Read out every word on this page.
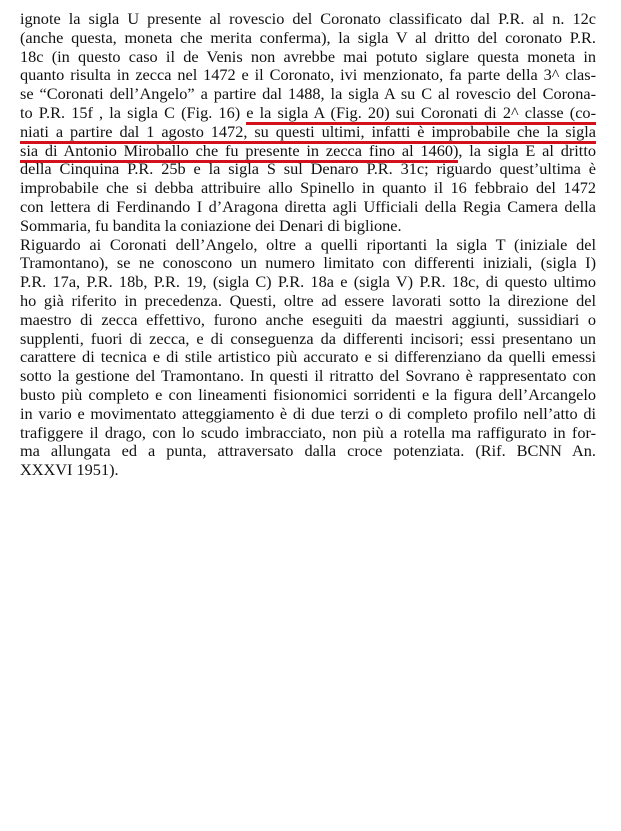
ignote la sigla U presente al rovescio del Coronato classificato dal P.R. al n. 12c
(anche questa, moneta che merita conferma), la sigla V al dritto del coronato P.R.
18c (in questo caso il de Venis non avrebbe mai potuto siglare questa moneta in
quanto risulta in zecca nel 1472 e il Coronato, ivi menzionato, fa parte della 3^ clas-
se “Coronati dell’Angelo” a partire dal 1488, la sigla A su C al rovescio del Corona-
to P.R. 15f , la sigla C (Fig. 16) e la sigla A (Fig. 20) sui Coronati di 2^ classe (co-
niati a partire dal 1 agosto 1472, su questi ultimi, infatti è improbabile che la sigla
sia di Antonio Miroballo che fu presente in zecca fino al 1460), la sigla E al dritto
della Cinquina P.R. 25b e la sigla S sul Denaro P.R. 31c; riguardo quest’ultima è
improbabile che si debba attribuire allo Spinello in quanto il 16 febbraio del 1472
con lettera di Ferdinando I d’Aragona diretta agli Ufficiali della Regia Camera della
Sommaria, fu bandita la coniazione dei Denari di biglione.
Riguardo ai Coronati dell’Angelo, oltre a quelli riportanti la sigla T (iniziale del
Tramontano), se ne conoscono un numero limitato con differenti iniziali, (sigla I)
P.R. 17a, P.R. 18b, P.R. 19, (sigla C) P.R. 18a e (sigla V) P.R. 18c, di questo ultimo
ho già riferito in precedenza. Questi, oltre ad essere lavorati sotto la direzione del
maestro di zecca effettivo, furono anche eseguiti da maestri aggiunti, sussidiari o
supplenti, fuori di zecca, e di conseguenza da differenti incisori; essi presentano un
carattere di tecnica e di stile artistico più accurato e si differenziano da quelli emessi
sotto la gestione del Tramontano. In questi il ritratto del Sovrano è rappresentato con
busto più completo e con lineamenti fisionomici sorridenti e la figura dell’Arcangelo
in vario e movimentato atteggiamento è di due terzi o di completo profilo nell’atto di
trafiggere il drago, con lo scudo imbracciato, non più a rotella ma raffigurato in for-
ma allungata ed a punta, attraversato dalla croce potenziata. (Rif. BCNN An.
XXXVI 1951).
